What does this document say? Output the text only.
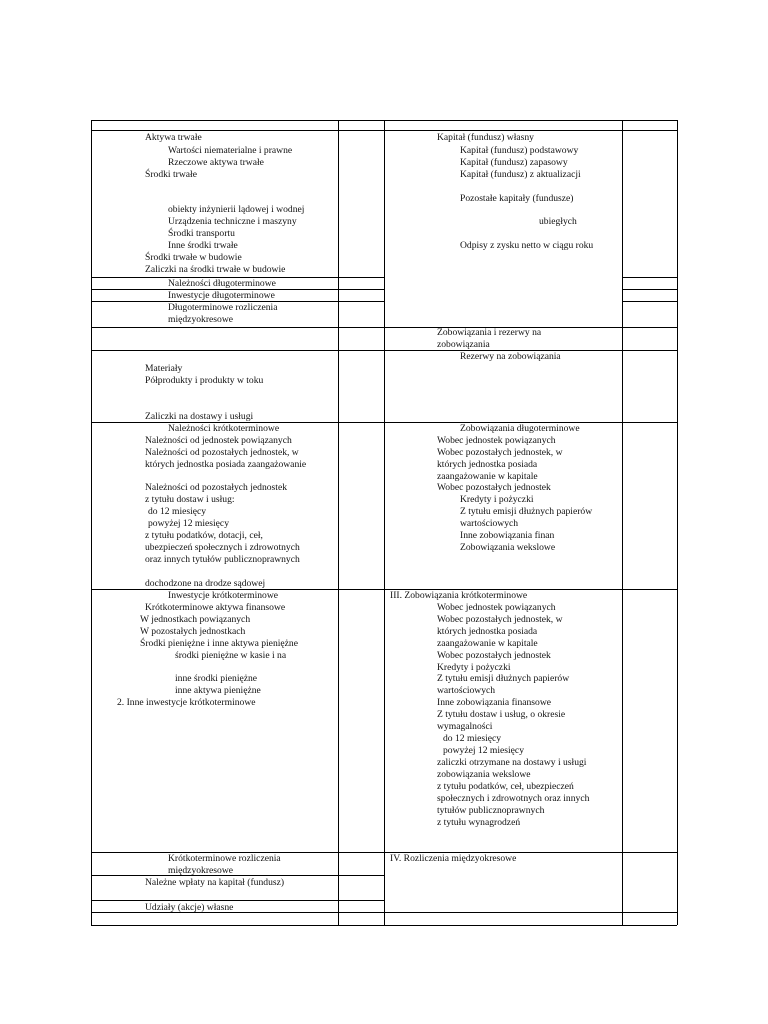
Aktywa trwałe
Wartości niematerialne i prawne
Rzeczowe aktywa trwałe
Środki trwałe
obiekty inżynierii lądowej i wodnej
Urządzenia techniczne i maszyny
Środki transportu
Inne środki trwałe
Środki trwałe w budowie
Zaliczki na środki trwałe w budowie
Należności długoterminowe
Inwestycje długoterminowe
Długoterminowe rozliczenia
międzyokresowe
Materiały
Półprodukty i produkty w toku
Zaliczki na dostawy i usługi
Należności krótkoterminowe
Należności od jednostek powiązanych
Należności od pozostałych jednostek, w
których jednostka posiada zaangażowanie
Należności od pozostałych jednostek
z tytułu dostaw i usług:
do 12 miesięcy
powyżej 12 miesięcy
z tytułu podatków, dotacji, ceł,
ubezpieczeń społecznych i zdrowotnych
oraz innych tytułów publicznoprawnych
dochodzone na drodze sądowej
Inwestycje krótkoterminowe
Krótkoterminowe aktywa finansowe
W jednostkach powiązanych
W pozostałych jednostkach
Środki pieniężne i inne aktywa pieniężne
środki pieniężne w kasie i na
inne środki pieniężne
inne aktywa pieniężne
2. Inne inwestycje krótkoterminowe
Krótkoterminowe rozliczenia
międzyokresowe
Należne wpłaty na kapitał (fundusz)
Udziały (akcje) własne
Kapitał (fundusz) własny
Kapitał (fundusz) podstawowy
Kapitał (fundusz) zapasowy
Kapitał (fundusz) z aktualizacji
Pozostałe kapitały (fundusze)
ubiegłych
Odpisy z zysku netto w ciągu roku
Zobowiązania i rezerwy na
zobowiązania
Rezerwy na zobowiązania
Zobowiązania długoterminowe
Wobec jednostek powiązanych
Wobec pozostałych jednostek, w
których jednostka posiada
zaangażowanie w kapitale
Wobec pozostałych jednostek
Kredyty i pożyczki
Z tytułu emisji dłużnych papierów
wartościowych
Inne zobowiązania finan
Zobowiązania wekslowe
III. Zobowiązania krótkoterminowe
Wobec jednostek powiązanych
Wobec pozostałych jednostek, w
których jednostka posiada
zaangażowanie w kapitale
Wobec pozostałych jednostek
Kredyty i pożyczki
Z tytułu emisji dłużnych papierów
wartościowych
Inne zobowiązania finansowe
Z tytułu dostaw i usług, o okresie
wymagalności
do 12 miesięcy
powyżej 12 miesięcy
zaliczki otrzymane na dostawy i usługi
zobowiązania wekslowe
z tytułu podatków, ceł, ubezpieczeń
społecznych i zdrowotnych oraz innych
tytułów publicznoprawnych
z tytułu wynagrodzeń
IV. Rozliczenia międzyokresowe
